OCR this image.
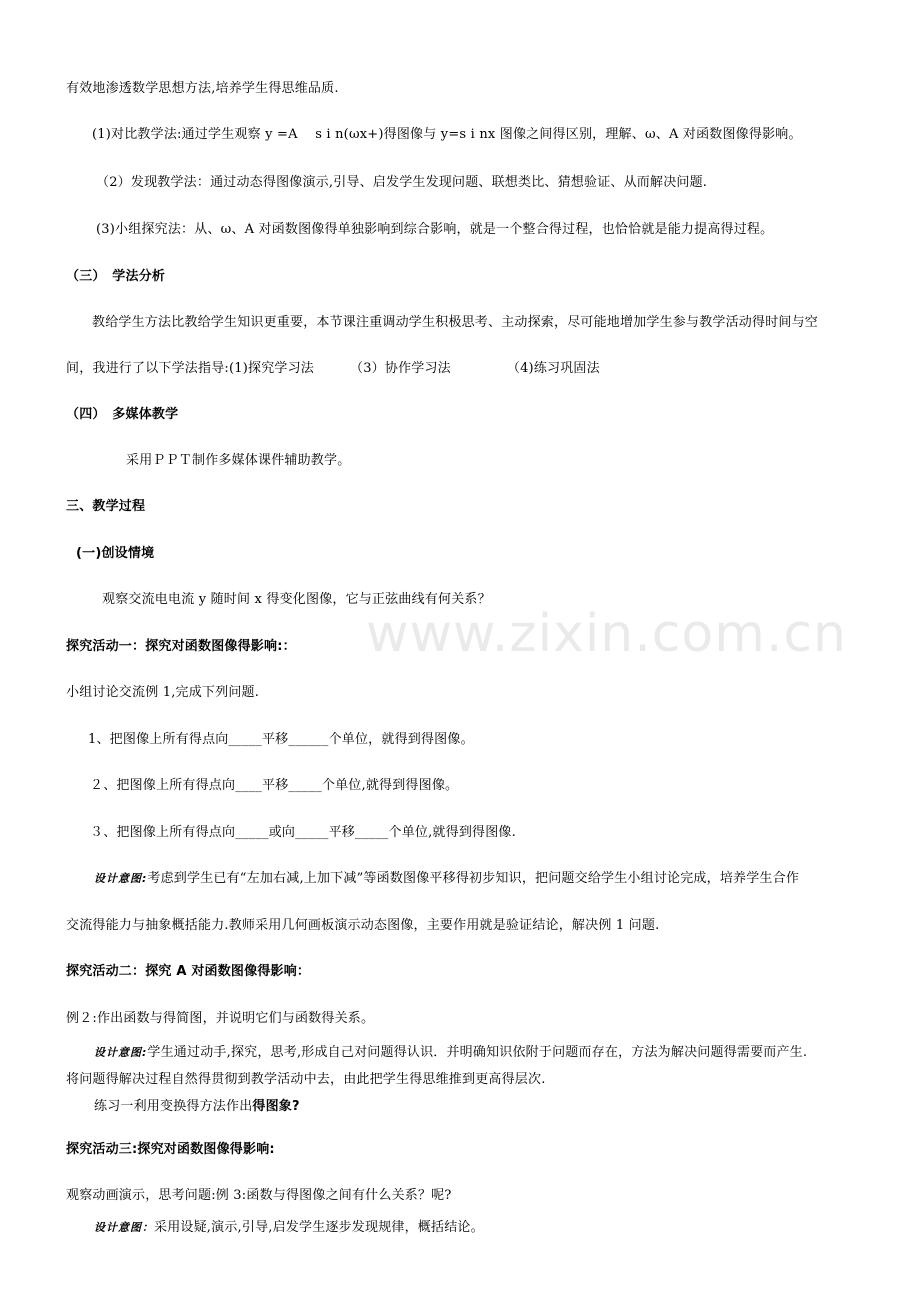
有效地渗透数学思想方法,培养学生得思维品质.
(1)对比教学法:通过学生观察 y =A　 s i n(ωx+)得图像与 y=s i nx 图像之间得区别，理解、ω、A 对函数图像得影响。
（2）发现教学法：通过动态得图像演示,引导、启发学生发现问题、联想类比、猜想验证、从而解决问题.
(3)小组探究法：从、ω、A 对函数图像得单独影响到综合影响，就是一个整合得过程，也恰恰就是能力提高得过程。
（三）　学法分析
教给学生方法比教给学生知识更重要，本节课注重调动学生积极思考、主动探索，尽可能地增加学生参与教学活动得时间与空
间，我进行了以下学法指导:(1)探究学习法	（3）协作学习法	（4)练习巩固法
（四）　多媒体教学
采用ＰＰＴ制作多媒体课件辅助教学。
三、教学过程
(一)创设情境
观察交流电电流 y 随时间 x 得变化图像，它与正弦曲线有何关系？
探究活动一：探究对函数图像得影响:：
小组讨论交流例 1,完成下列问题.
1、把图像上所有得点向_____平移______个单位，就得到得图像。
２、把图像上所有得点向____平移_____个单位,就得到得图像。
３、把图像上所有得点向_____或向_____平移_____个单位,就得到得图像.
设计意图:考虑到学生已有“左加右减,上加下减”等函数图像平移得初步知识，把问题交给学生小组讨论完成，培养学生合作
交流得能力与抽象概括能力.教师采用几何画板演示动态图像，主要作用就是验证结论，解决例 1 问题.
探究活动二：探究 A 对函数图像得影响：
例２:作出函数与得简图，并说明它们与函数得关系。
设计意图:学生通过动手,探究，思考,形成自己对问题得认识．并明确知识依附于问题而存在，方法为解决问题得需要而产生.
将问题得解决过程自然得贯彻到教学活动中去，由此把学生得思维推到更高得层次.
练习一利用变换得方法作出得图象?
探究活动三:探究对函数图像得影响:
观察动画演示，思考问题:例 3:函数与得图像之间有什么关系？呢?
设计意图：采用设疑,演示,引导,启发学生逐步发现规律，概括结论。
www.zixin.com.cn
